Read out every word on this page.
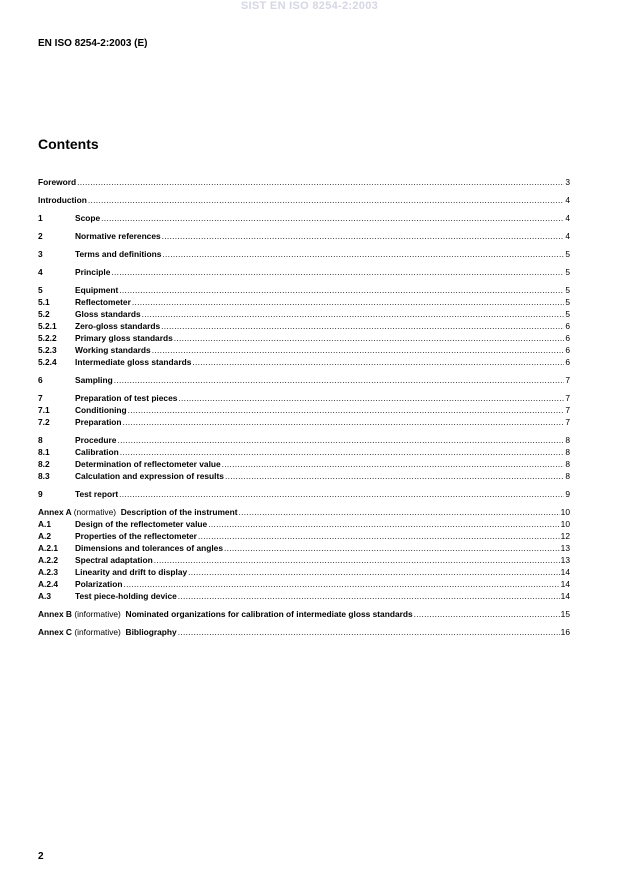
SIST EN ISO 8254-2:2003
EN ISO 8254-2:2003 (E)
Contents
Foreword .....	3
Introduction .....	4
1	Scope .....	4
2	Normative references .....	4
3	Terms and definitions .....	5
4	Principle .....	5
5	Equipment .....	5
5.1	Reflectometer .....	5
5.2	Gloss standards .....	5
5.2.1	Zero-gloss standards .....	6
5.2.2	Primary gloss standards .....	6
5.2.3	Working standards .....	6
5.2.4	Intermediate gloss standards .....	6
6	Sampling .....	7
7	Preparation of test pieces .....	7
7.1	Conditioning .....	7
7.2	Preparation .....	7
8	Procedure .....	8
8.1	Calibration .....	8
8.2	Determination of reflectometer value .....	8
8.3	Calculation and expression of results .....	8
9	Test report .....	9
Annex A (normative) Description of the instrument .....	10
A.1	Design of the reflectometer value .....	10
A.2	Properties of the reflectometer .....	12
A.2.1	Dimensions and tolerances of angles .....	13
A.2.2	Spectral adaptation .....	13
A.2.3	Linearity and drift to display .....	14
A.2.4	Polarization .....	14
A.3	Test piece-holding device .....	14
Annex B (informative) Nominated organizations for calibration of intermediate gloss standards .....	15
Annex C (informative) Bibliography .....	16
2
